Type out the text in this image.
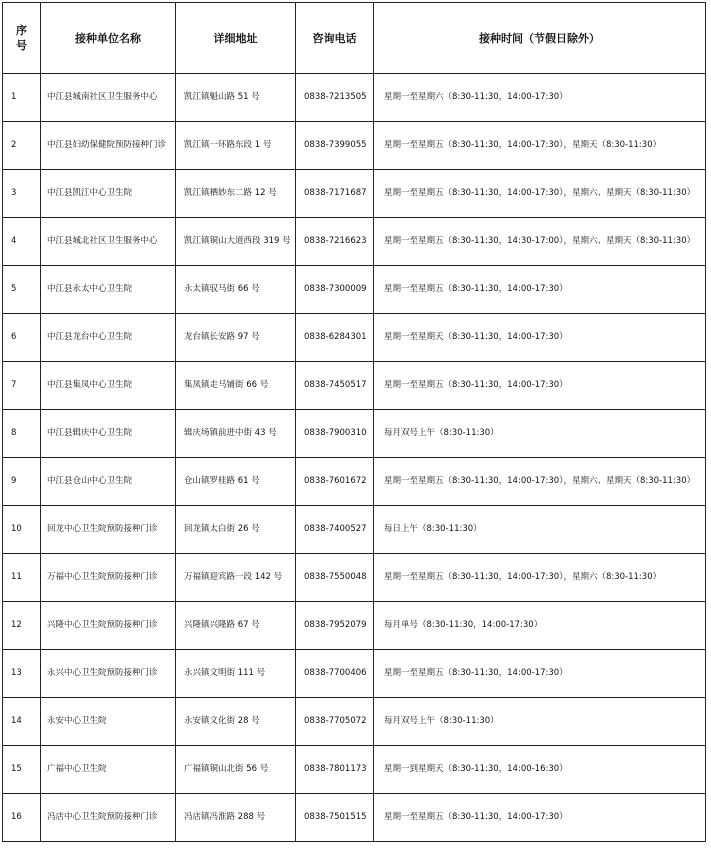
序
号	接种单位名称	详细地址	咨询电话	接种时间（节假日除外）
1	中江县城南社区卫生服务中心	凯江镇魁山路 51 号	0838-7213505	星期一至星期六（8:30-11:30，14:00-17:30）
2	中江县妇幼保健院预防接种门诊	凯江镇一环路东段 1 号	0838-7399055	星期一至星期五（8:30-11:30，14:00-17:30），星期天（8:30-11:30）
3	中江县凯江中心卫生院	凯江镇栖妙东二路 12 号	0838-7171687	星期一至星期五（8:30-11:30，14:00-17:30），星期六、星期天（8:30-11:30）
4	中江县城北社区卫生服务中心	凯江镇铜山大道西段 319 号	0838-7216623	星期一至星期五（8:30-11:30，14:30-17:00），星期六、星期天（8:30-11:30）
5	中江县永太中心卫生院	永太镇驭马街 66 号	0838-7300009	星期一至星期五（8:30-11:30，14:00-17:30）
6	中江县龙台中心卫生院	龙台镇长安路 97 号	0838-6284301	星期一至星期天（8:30-11:30，14:00-17:30）
7	中江县集凤中心卫生院	集凤镇走马铺街 66 号	0838-7450517	星期一至星期五（8:30-11:30，14:00-17:30）
8	中江县辑庆中心卫生院	辑庆场镇前进中街 43 号	0838-7900310	每月双号上午（8:30-11:30）
9	中江县仓山中心卫生院	仓山镇罗桂路 61 号	0838-7601672	星期一至星期五（8:30-11:30，14:00-17:30），星期六、星期天（8:30-11:30）
10	回龙中心卫生院预防接种门诊	回龙镇太白街 26 号	0838-7400527	每日上午（8:30-11:30）
11	万福中心卫生院预防接种门诊	万福镇迎宾路一段 142 号	0838-7550048	星期一至星期五（8:30-11:30，14:00-17:30），星期六（8:30-11:30）
12	兴隆中心卫生院预防接种门诊	兴隆镇兴隆路 67 号	0838-7952079	每月单号（8:30-11:30，14:00-17:30）
13	永兴中心卫生院预防接种门诊	永兴镇文明街 111 号	0838-7700406	星期一至星期五（8:30-11:30，14:00-17:30）
14	永安中心卫生院	永安镇文化街 28 号	0838-7705072	每月双号上午（8:30-11:30）
15	广福中心卫生院	广福镇铜山北街 56 号	0838-7801173	星期一到星期天（8:30-11:30，14:00-16:30）
16	冯店中心卫生院预防接种门诊	冯店镇冯淮路 288 号	0838-7501515	星期一至星期五（8:30-11:30，14:00-17:30）
